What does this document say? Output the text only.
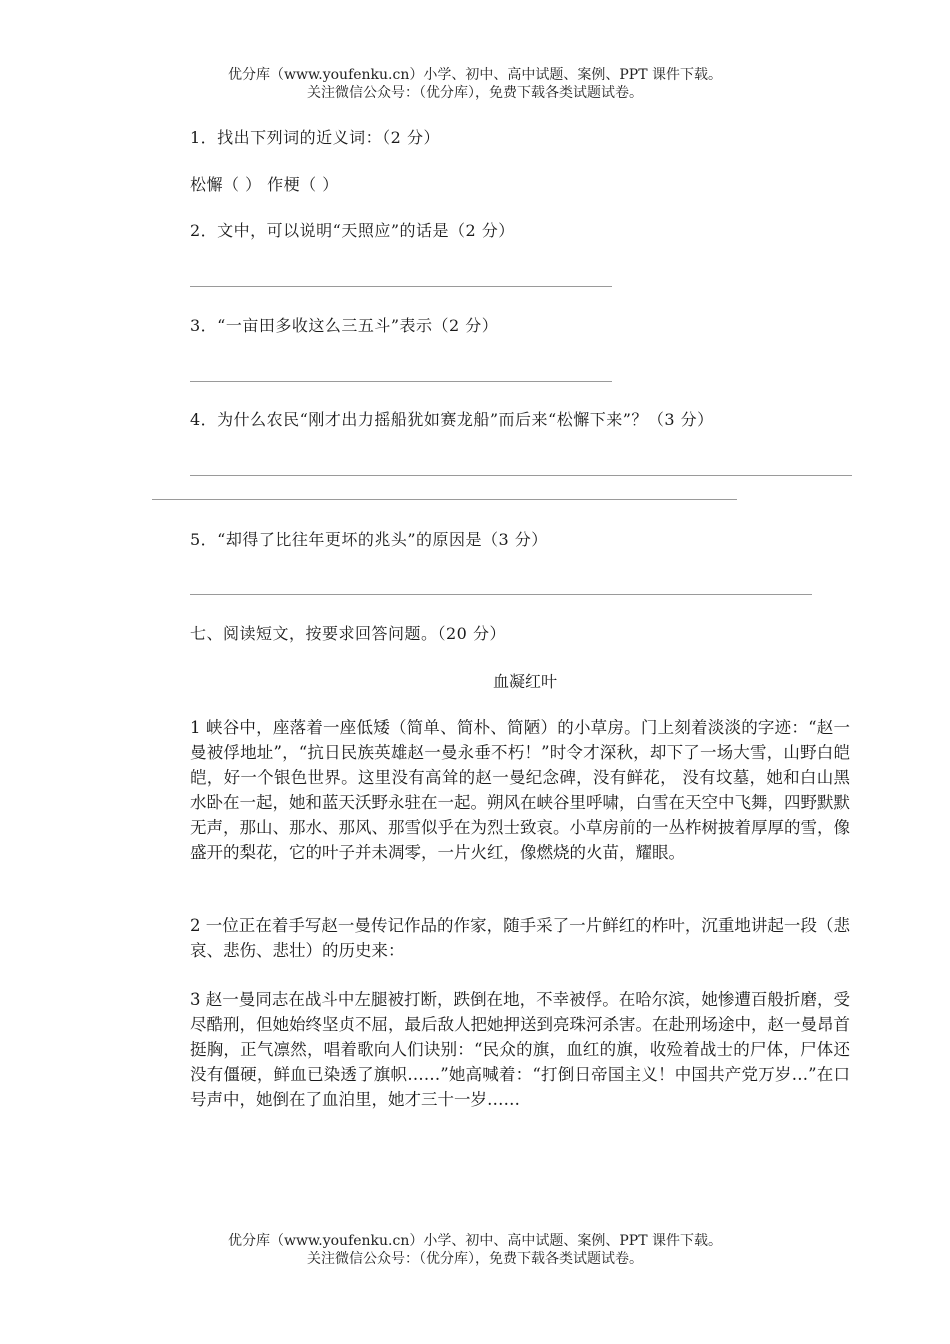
优分库（www.youfenku.cn）小学、初中、高中试题、案例、PPT 课件下载。
关注微信公众号：（优分库），免费下载各类试题试卷。
1．找出下列词的近义词：（2 分）
松懈（ ） 作梗（ ）
2．文中，可以说明“天照应”的话是（2 分）
3．“一亩田多收这么三五斗”表示（2 分）
4．为什么农民“刚才出力摇船犹如赛龙船”而后来“松懈下来”？（3 分）
5．“却得了比往年更坏的兆头”的原因是（3 分）
七、阅读短文，按要求回答问题。（20 分）
血凝红叶
1 峡谷中，座落着一座低矮（简单、简朴、简陋）的小草房。门上刻着淡淡的字迹：“赵一曼被俘地址”，“抗日民族英雄赵一曼永垂不朽！”时令才深秋，却下了一场大雪，山野白皑皑，好一个银色世界。这里没有高耸的赵一曼纪念碑，没有鲜花， 没有坟墓，她和白山黑水卧在一起，她和蓝天沃野永驻在一起。朔风在峡谷里呼啸，白雪在天空中飞舞，四野默默无声，那山、那水、那风、那雪似乎在为烈士致哀。小草房前的一丛柞树披着厚厚的雪，像盛开的梨花，它的叶子并未凋零，一片火红，像燃烧的火苗，耀眼。
2 一位正在着手写赵一曼传记作品的作家，随手采了一片鲜红的柞叶，沉重地讲起一段（悲哀、悲伤、悲壮）的历史来：
3 赵一曼同志在战斗中左腿被打断，跌倒在地，不幸被俘。在哈尔滨，她惨遭百般折磨，受尽酷刑，但她始终坚贞不屈，最后敌人把她押送到亮珠河杀害。在赴刑场途中，赵一曼昂首挺胸，正气凛然，唱着歌向人们诀别：“民众的旗，血红的旗，收殓着战士的尸体，尸体还没有僵硬，鲜血已染透了旗帜……”她高喊着：“打倒日帝国主义！中国共产党万岁…”在口号声中，她倒在了血泊里，她才三十一岁……
优分库（www.youfenku.cn）小学、初中、高中试题、案例、PPT 课件下载。
关注微信公众号：（优分库），免费下载各类试题试卷。
